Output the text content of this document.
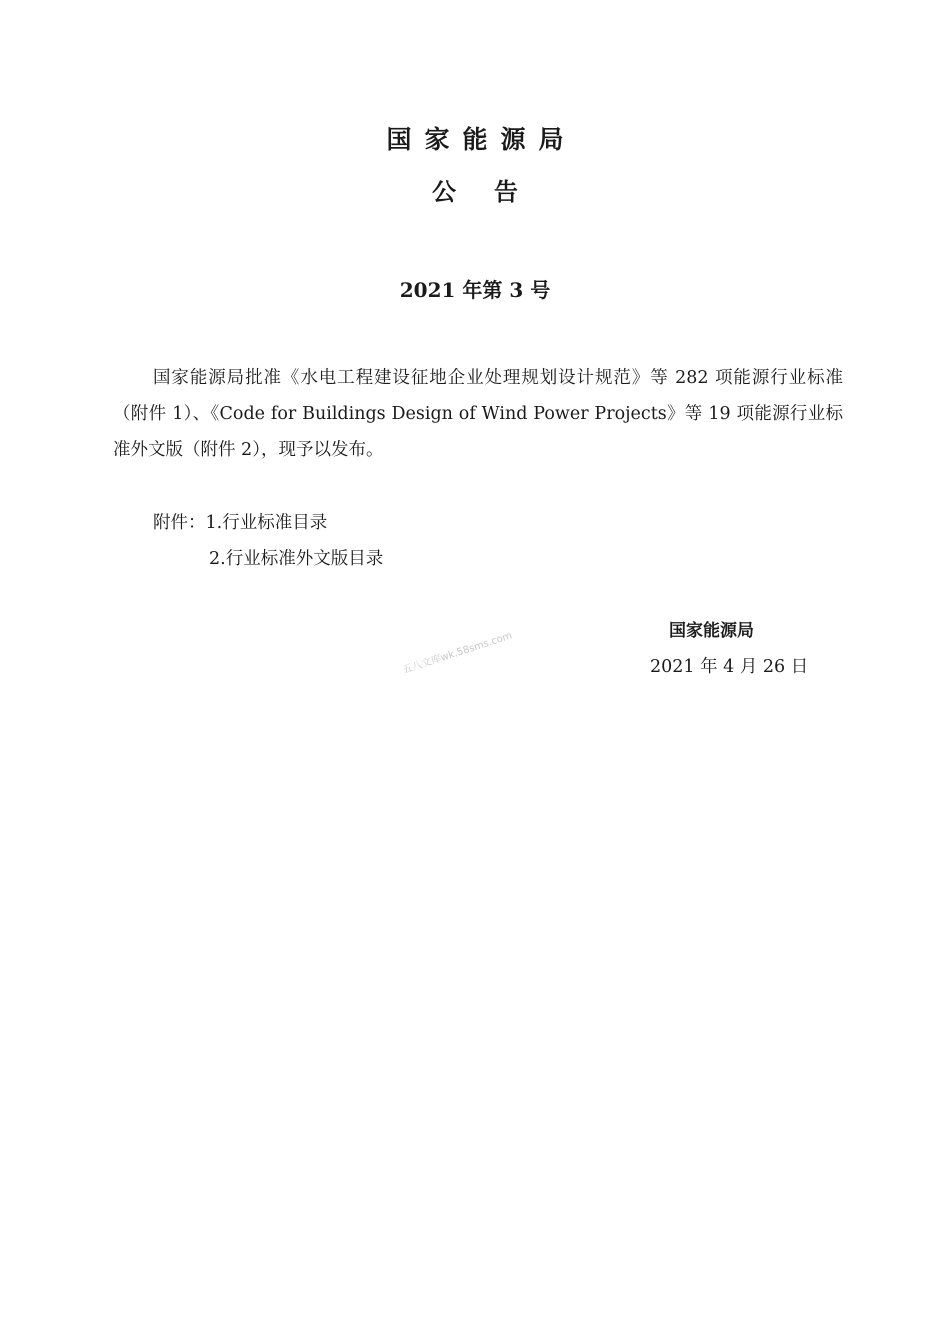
国家能源局
公告
2021 年第 3 号
国家能源局批准《水电工程建设征地企业处理规划设计规范》等 282 项能源行业标准（附件 1）、《Code for Buildings Design of Wind Power Projects》等 19 项能源行业标准外文版（附件 2），现予以发布。
附件：1.行业标准目录
2.行业标准外文版目录
国家能源局
2021 年 4 月 26 日
五八文库wk.58sms.com
